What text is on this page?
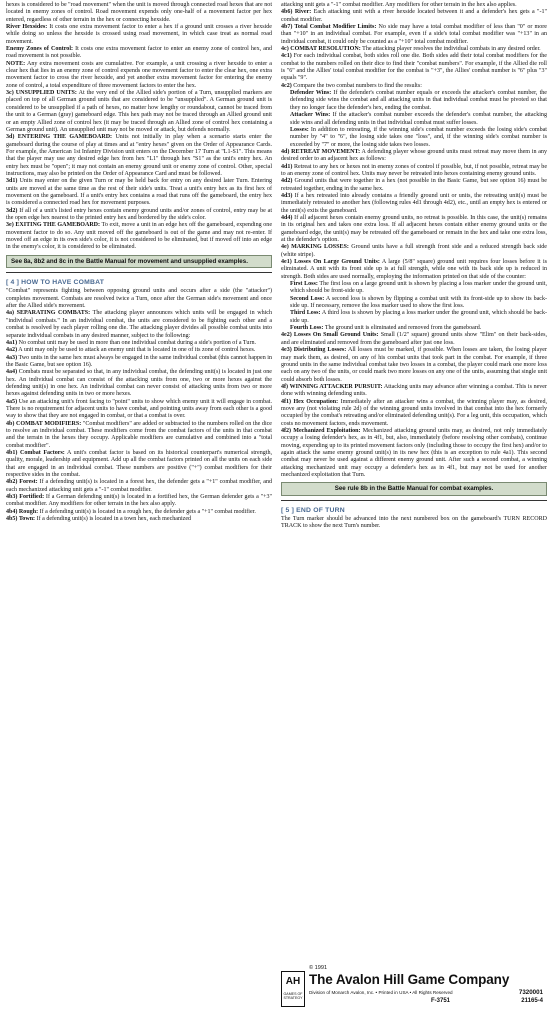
hexes is considered to be "road movement" when the unit is moved through connected road hexes that are not located in enemy zones of control. Road movement expends only one-half of a movement factor per hex entered, regardless of other terrain in the hex or connecting hexside.

River Hexsides: It costs one extra movement factor to enter a hex if a ground unit crosses a river hexside while doing so unless the hexside is crossed using road movement, in which case treat as normal road movement.

Enemy Zones of Control: It costs one extra movement factor to enter an enemy zone of control hex, and road movement is not possible.

NOTE: Any extra movement costs are cumulative. For example, a unit crossing a river hexside to enter a clear hex that lies in an enemy zone of control expends one movement factor to enter the clear hex, one extra movement factor to cross the river hexside, and yet another extra movement factor for entering the enemy zone of control, a total expenditure of three movement factors to enter the hex.

3c) UNSUPPLIED UNITS: At the very end of the Allied side's portion of a Turn, unsupplied markers are placed on top of all German ground units that are considered to be "unsupplied". A German ground unit is considered to be unsupplied if a path of hexes, no matter how lengthy or roundabout, cannot be traced from the unit to a German (gray) gameboard edge. This hex path may not be traced through an Allied ground unit or an empty Allied zone of control hex (it may be traced through an Allied zone of control hex containing a German ground unit). An unsupplied unit may not be moved or attack, but defends normally.

3d) ENTERING THE GAMEBOARD: Units not initially in play when a scenario starts enter the gameboard during the course of play at times and at "entry hexes" given on the Order of Appearance Cards. For example, the American 1st Infantry Division unit enters on the December 17 Turn at "L1-S1". This means that the player may use any desired edge hex from hex "L1" through hex "S1" as the unit's entry hex. An entry hex must be "open"; it may not contain an enemy ground unit or enemy zone of control. Other, special instructions, may also be printed on the Order of Appearance Card and must be followed.

3d1) Units may enter on the given Turn or may be held back for entry on any desired later Turn. Entering units are moved at the same time as the rest of their side's units. Treat a unit's entry hex as its first hex of movement on the gameboard. If a unit's entry hex contains a road that runs off the gameboard, the entry hex is considered a connected road hex for movement purposes.

3d2) If all of a unit's listed entry hexes contain enemy ground units and/or zones of control, entry may be at the open edge hex nearest to the printed entry hex and bordered by the side's color.

3e) EXITING THE GAMEBOARD: To exit, move a unit in an edge hex off the gameboard, expending one movement factor to do so. Any unit moved off the gameboard is out of the game and may not re-enter. If moved off an edge in its own side's color, it is not considered to be eliminated, but if moved off into an edge in the enemy's color, it is considered to be eliminated.

See 8a, 8b2 and 8c in the Battle Manual for movement and unsupplied examples.
[ 4 ] HOW TO HAVE COMBAT

"Combat" represents fighting between opposing ground units and occurs after a side (the "attacker") completes movement. Combats are resolved twice a Turn, once after the German side's movement and once after the Allied side's movement.

4a) SEPARATING COMBATS: The attacking player announces which units will be engaged in which "individual combats." In an individual combat, the units are considered to be fighting each other and a combat is resolved by each player rolling one die. The attacking player divides all possible combat units into separate individual combats in any desired manner, subject to the following:

4a1) No combat unit may be used in more than one individual combat during a side's portion of a Turn.

4a2) A unit may only be used to attack an enemy unit that is located in one of its zone of control hexes.

4a3) Two units in the same hex must always be engaged in the same individual combat (this cannot happen in the Basic Game, but see option 16).

4a4) Combats must be separated so that, in any individual combat, the defending unit(s) is located in just one hex. An individual combat can consist of the attacking units from one, two or more hexes against the defending unit(s) in one hex. An individual combat can never consist of attacking units from two or more hexes against defending units in two or more hexes.

4a5) Use an attacking unit's front facing to "point" units to show which enemy unit it will engage in combat. There is no requirement for adjacent units to have combat, and pointing units away from each other is a good way to show that they are not engaged in combat, or that a combat is over.

4b) COMBAT MODIFIERS: "Combat modifiers" are added or subtracted to the numbers rolled on the dice to resolve an individual combat. These modifiers come from the combat factors of the units in that combat and the terrain in the hexes they occupy. Applicable modifiers are cumulative and combined into a "total combat modifier".

4b1) Combat Factors: A unit's combat factor is based on its historical counterpart's numerical strength, quality, morale, leadership and equipment. Add up all the combat factors printed on all the units on each side that are engaged in an individual combat. These numbers are positive ("+") combat modifiers for their respective sides in the combat.

4b2) Forest: If a defending unit(s) is located in a forest hex, the defender gets a "+1" combat modifier, and each mechanized attacking unit gets a "-1" combat modifier.

4b3) Fortified: If a German defending unit(s) is located in a fortified hex, the German defender gets a "+3" combat modifier. Any modifiers for other terrain in the hex also apply.

4b4) Rough: If a defending unit(s) is located in a rough hex, the defender gets a "+1" combat modifier.

4b5) Town: If a defending unit(s) is located in a town hex, each mechanized

attacking unit gets a "-1" combat modifier. Any modifiers for other terrain in the hex also applies.

4b6) River: Each attacking unit with a river hexside located between it and a defender's hex gets a "-1" combat modifier.

4b7) Total Combat Modifier Limits: No side may have a total combat modifier of less than "0" or more than "+10" in an individual combat. For example, even if a side's total combat modifier was "+13" in an individual combat, it could only be counted as a "+10" total combat modifier.

4c) COMBAT RESOLUTION: The attacking player resolves the individual combats in any desired order.

4c1) For each individual combat, both sides roll one die. Both sides add their total combat modifiers for the combat to the numbers rolled on their dice to find their "combat numbers". For example, if the Allied die roll is "6" and the Allies' total combat modifier for the combat is "+3", the Allies' combat number is "6" plus "3" equals "9".

4c2) Compare the two combat numbers to find the results:

Defender Wins: If the defender's combat number equals or exceeds the attacker's combat number, the defending side wins the combat and all attacking units in that individual combat must be pivoted so that they no longer face the defender's hex, ending the combat.

Attacker Wins: If the attacker's combat number exceeds the defender's combat number, the attacking side wins and all defending units in that individual combat must suffer losses.

Losses: In addition to retreating, if the winning side's combat number exceeds the losing side's combat number by "4" to "6", the losing side takes one "loss", and, if the winning side's combat number is exceeded by "7" or more, the losing side takes two losses.

4d) RETREAT MOVEMENT: A defending player whose ground units must retreat may move them in any desired order to an adjacent hex as follows:

4d1) Retreat to any hex or hexes not in enemy zones of control if possible, but, if not possible, retreat may be to an enemy zone of control hex. Units may never be retreated into hexes containing enemy ground units.

4d2) Ground units that were together in a hex (not possible in the Basic Game, but see option 16) must be retreated together, ending in the same hex.

4d3) If a hex retreated into already contains a friendly ground unit or units, the retreating unit(s) must be immediately retreated to another hex (following rules 4d1 through 4d2), etc., until an empty hex is entered or the unit(s) exits the gameboard.

4d4) If all adjacent hexes contain enemy ground units, no retreat is possible. In this case, the unit(s) remains in its original hex and takes one extra loss. If all adjacent hexes contain either enemy ground units or the gameboard edge, the unit(s) may be retreated off the gameboard or remain in the hex and take one extra loss, at the defender's option.

4e) MARKING LOSSES: Ground units have a full strength front side and a reduced strength back side (white stripe).

4e1) Losses On Large Ground Units: A large (5/8" square) ground unit requires four losses before it is eliminated. A unit with its front side up is at full strength, while one with its back side up is reduced in strength. Both sides are used normally, employing the information printed on that side of the counter:

First Loss: The first loss on a large ground unit is shown by placing a loss marker under the ground unit, which should be front-side up.

Second Loss: A second loss is shown by flipping a combat unit with its front-side up to show its back-side up. If necessary, remove the loss marker used to show the first loss.

Third Loss: A third loss is shown by placing a loss marker under the ground unit, which should be back-side up.

Fourth Loss: The ground unit is eliminated and removed from the gameboard.

4e2) Losses On Small Ground Units: Small (1/2" square) ground units show "Elim" on their back-sides, and are eliminated and removed from the gameboard after just one loss.

4e3) Distributing Losses: All losses must be marked, if possible. When losses are taken, the losing player may mark them, as desired, on any of his combat units that took part in the combat. For example, if three ground units in the same individual combat take two losses in a combat, the player could mark one more loss each on any two of the units, or could mark two more losses on any one of the units, assuming that single unit could absorb both losses.

4f) WINNING ATTACKER PURSUIT: Attacking units may advance after winning a combat. This is never done with winning defending units.

4f1) Hex Occupation: Immediately after an attacker wins a combat, the winning player may, as desired, move any (not violating rule 2d) of the winning ground units involved in that combat into the hex formerly occupied by the combat's retreating and/or eliminated defending unit(s). For a leg unit, this occupation, which costs no movement factors, ends movement.

4f2) Mechanized Exploitation: Mechanized attacking ground units may, as desired, not only immediately occupy a losing defender's hex, as in 4f1, but, also, immediately (before resolving other combats), continue moving, expending up to its printed movement factors only (including those to occupy the first hex) and/or to again attack the same enemy ground unit(s) in its new hex (this is an exception to rule 4a1). This second combat may never be used against a different enemy ground unit. After such a second combat, a winning attacking mechanized unit may occupy a defender's hex as in 4f1, but may not be used for another mechanized exploitation that Turn.

See rule 8b in the Battle Manual for combat examples.
[ 5 ] END OF TURN

The Turn marker should be advanced into the next numbered box on the gameboard's TURN RECORD TRACK to show the next Turn's number.

AH
GAMES OF STRATEGY
© 1991
The Avalon Hill Game Company
Division of Monarch Avalon, Inc. • Printed in USA • All Rights Reserved	7320001
F-3751	21165-4
